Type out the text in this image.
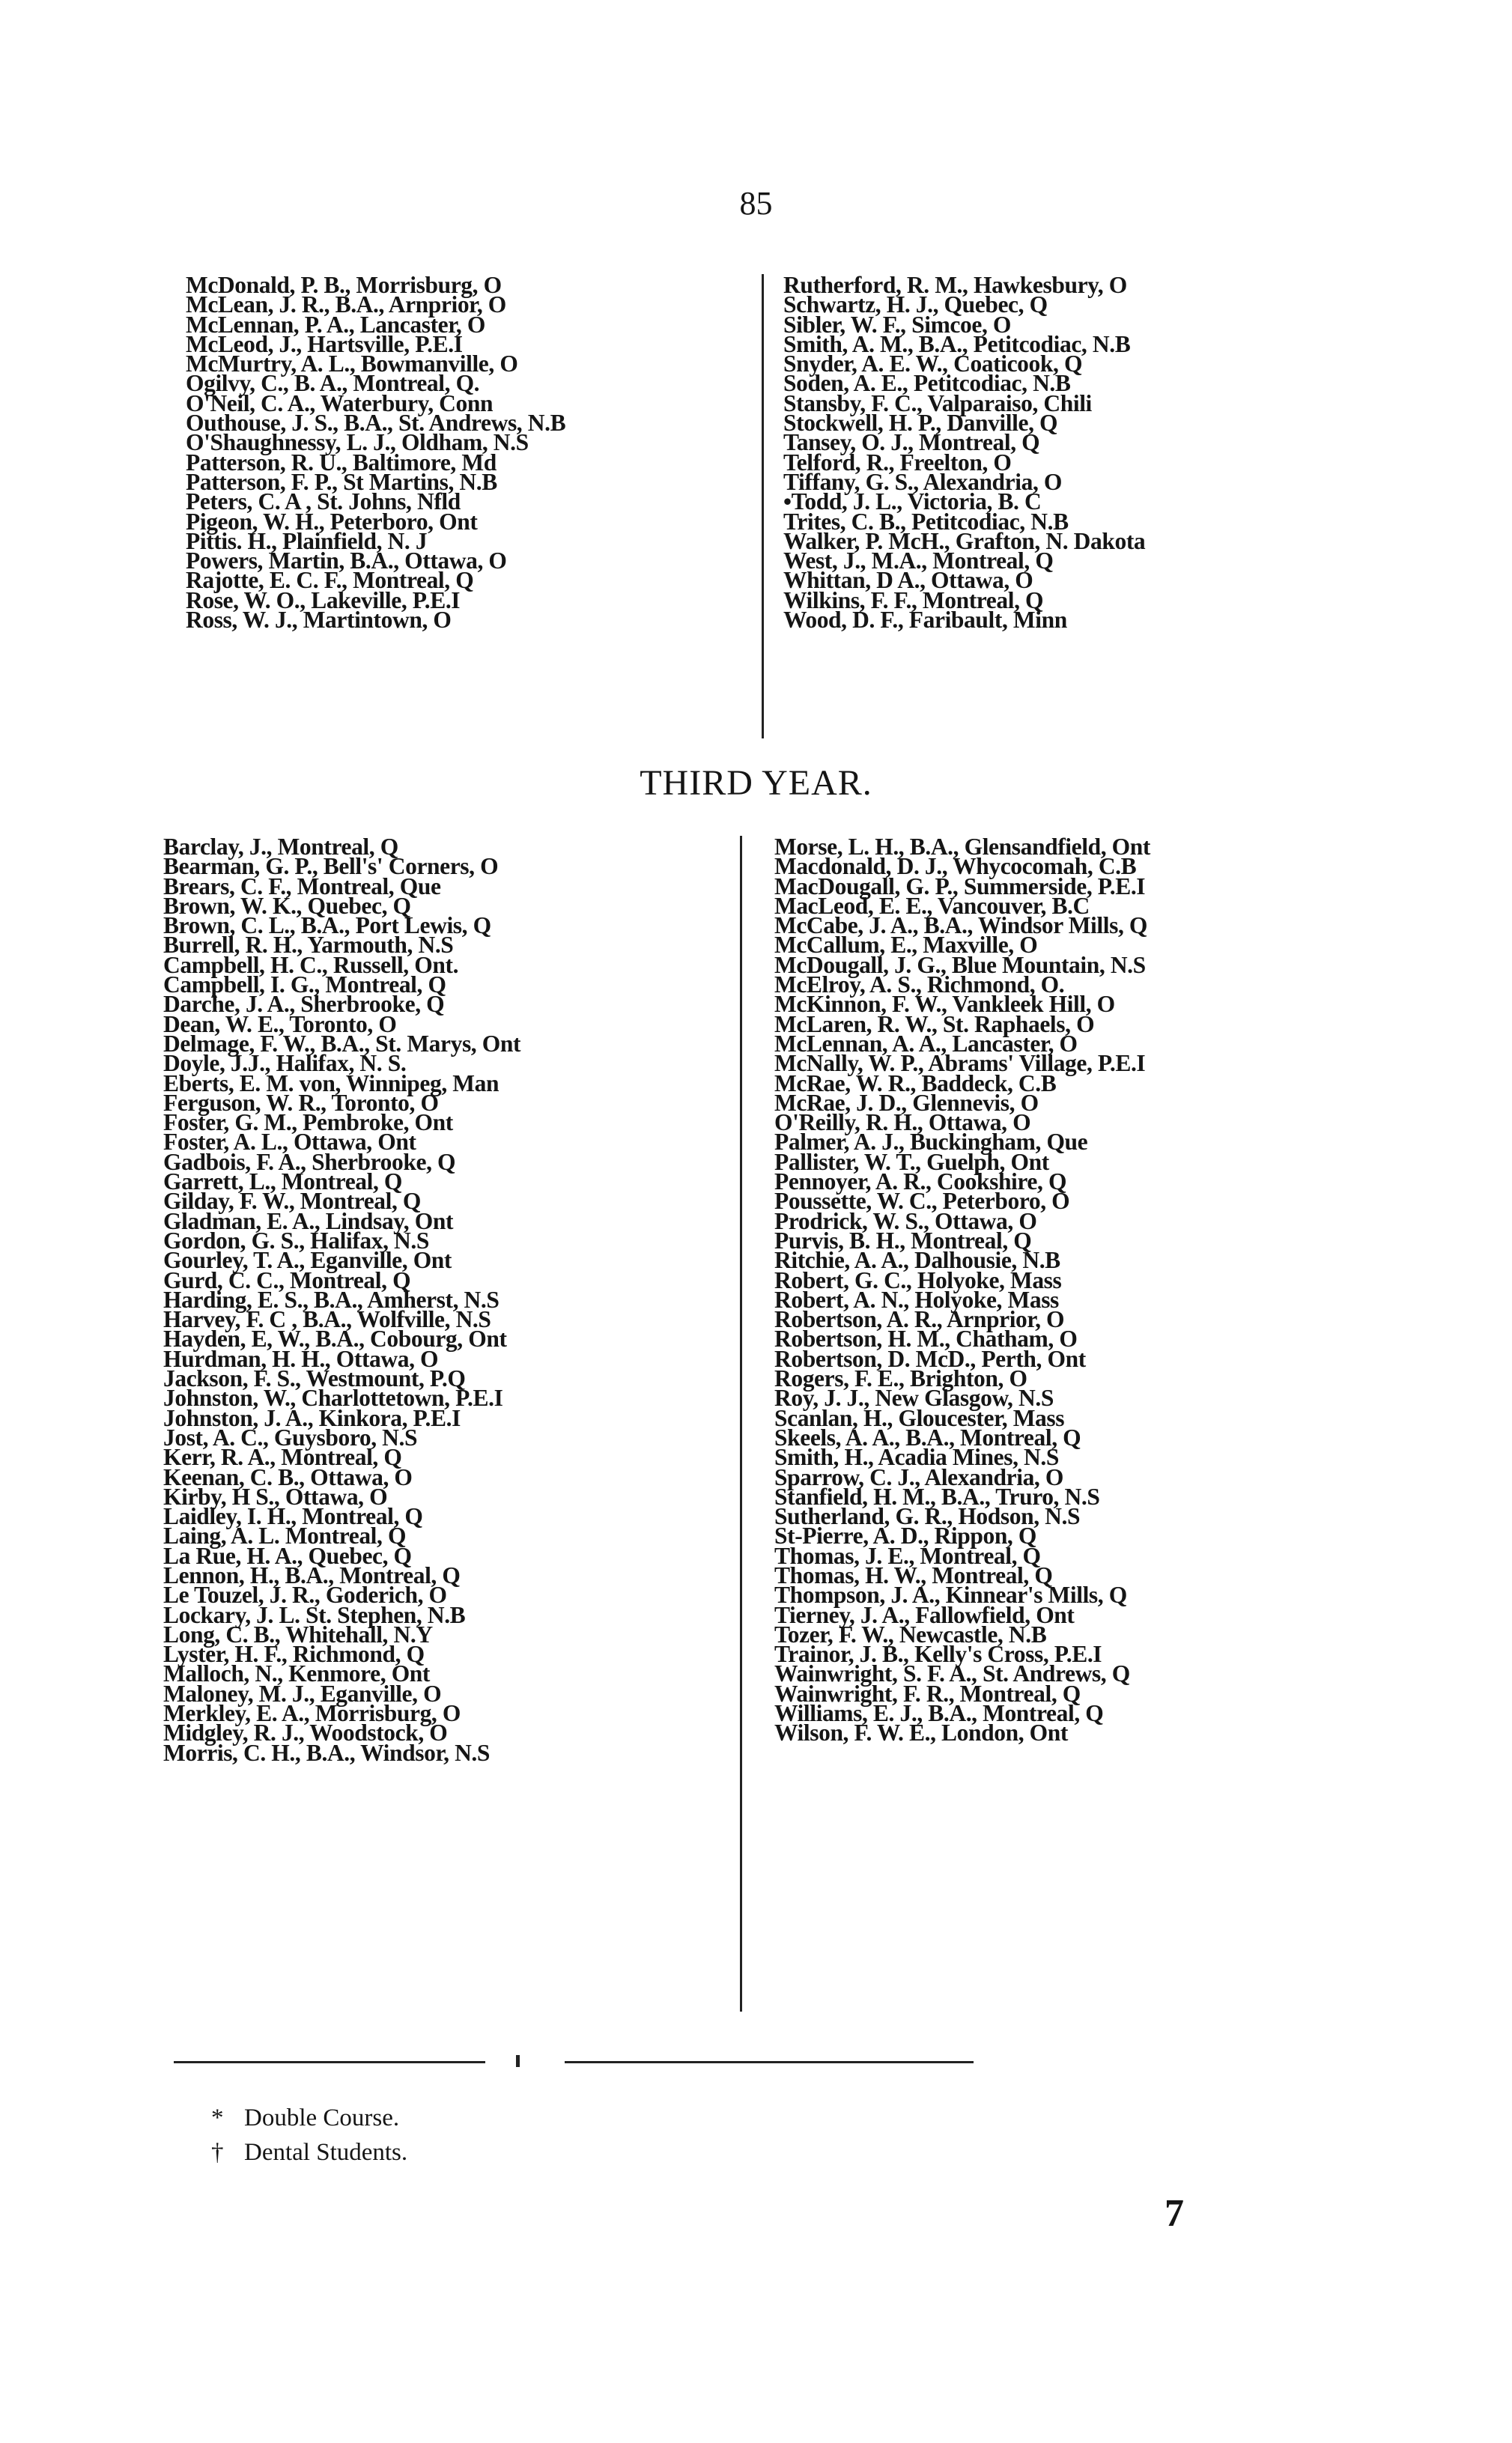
85
McDonald, P. B., Morrisburg, O
McLean, J. R., B.A., Arnprior, O
McLennan, P. A., Lancaster, O
McLeod, J., Hartsville, P.E.I
McMurtry, A. L., Bowmanville, O
Ogilvy, C., B. A., Montreal, Q.
O'Neil, C. A., Waterbury, Conn
Outhouse, J. S., B.A., St. Andrews, N.B
O'Shaughnessy, L. J., Oldham, N.S
Patterson, R. U., Baltimore, Md
Patterson, F. P., St Martins, N.B
Peters, C. A , St. Johns, Nfld
Pigeon, W. H., Peterboro, Ont
Pittis. H., Plainfield, N. J
Powers, Martin, B.A., Ottawa, O
Rajotte, E. C. F., Montreal, Q
Rose, W. O., Lakeville, P.E.I
Ross, W. J., Martintown, O
Rutherford, R. M., Hawkesbury, O
Schwartz, H. J., Quebec, Q
Sibler, W. F., Simcoe, O
Smith, A. M., B.A., Petitcodiac, N.B
Snyder, A. E. W., Coaticook, Q
Soden, A. E., Petitcodiac, N.B
Stansby, F. C., Valparaiso, Chili
Stockwell, H. P., Danville, Q
Tansey, O. J., Montreal, Q
Telford, R., Freelton, O
Tiffany, G. S., Alexandria, O
•Todd, J. L., Victoria, B. C
Trites, C. B., Petitcodiac, N.B
Walker, P. McH., Grafton, N. Dakota
West, J., M.A., Montreal, Q
Whittan, D A., Ottawa, O
Wilkins, F. F., Montreal, Q
Wood, D. F., Faribault, Minn
THIRD YEAR.
Barclay, J., Montreal, Q
Bearman, G. P., Bell's' Corners, O
Brears, C. F., Montreal, Que
Brown, W. K., Quebec, Q
Brown, C. L., B.A., Port Lewis, Q
Burrell, R. H., Yarmouth, N.S
Campbell, H. C., Russell, Ont.
Campbell, I. G., Montreal, Q
Darche, J. A., Sherbrooke, Q
Dean, W. E., Toronto, O
Delmage, F. W., B.A., St. Marys, Ont
Doyle, J.J., Halifax, N. S.
Eberts, E. M. von, Winnipeg, Man
Ferguson, W. R., Toronto, O
Foster, G. M., Pembroke, Ont
Foster, A. L., Ottawa, Ont
Gadbois, F. A., Sherbrooke, Q
Garrett, L., Montreal, Q
Gilday, F. W., Montreal, Q
Gladman, E. A., Lindsay, Ont
Gordon, G. S., Halifax, N.S
Gourley, T. A., Eganville, Ont
Gurd, C. C., Montreal, Q
Harding, E. S., B.A., Amherst, N.S
Harvey, F. C , B.A., Wolfville, N.S
Hayden, E, W., B.A., Cobourg, Ont
Hurdman, H. H., Ottawa, O
Jackson, F. S., Westmount, P.Q
Johnston, W., Charlottetown, P.E.I
Johnston, J. A., Kinkora, P.E.I
Jost, A. C., Guysboro, N.S
Kerr, R. A., Montreal, Q
Keenan, C. B., Ottawa, O
Kirby, H S., Ottawa, O
Laidley, I. H., Montreal, Q
Laing, A. L. Montreal, Q
La Rue, H. A., Quebec, Q
Lennon, H., B.A., Montreal, Q
Le Touzel, J. R., Goderich, O
Lockary, J. L. St. Stephen, N.B
Long, C. B., Whitehall, N.Y
Lyster, H. F., Richmond, Q
Malloch, N., Kenmore, Ont
Maloney, M. J., Eganville, O
Merkley, E. A., Morrisburg, O
Midgley, R. J., Woodstock, O
Morris, C. H., B.A., Windsor, N.S
Morse, L. H., B.A., Glensandfield, Ont
Macdonald, D. J., Whycocomah, C.B
MacDougall, G. P., Summerside, P.E.I
MacLeod, E. E., Vancouver, B.C
McCabe, J. A., B.A., Windsor Mills, Q
McCallum, E., Maxville, O
McDougall, J. G., Blue Mountain, N.S
McElroy, A. S., Richmond, O.
McKinnon, F. W., Vankleek Hill, O
McLaren, R. W., St. Raphaels, O
McLennan, A. A., Lancaster, O
McNally, W. P., Abrams' Village, P.E.I
McRae, W. R., Baddeck, C.B
McRae, J. D., Glennevis, O
O'Reilly, R. H., Ottawa, O
Palmer, A. J., Buckingham, Que
Pallister, W. T., Guelph, Ont
Pennoyer, A. R., Cookshire, Q
Poussette, W. C., Peterboro, O
Prodrick, W. S., Ottawa, O
Purvis, B. H., Montreal, Q
Ritchie, A. A., Dalhousie, N.B
Robert, G. C., Holyoke, Mass
Robert, A. N., Holyoke, Mass
Robertson, A. R., Arnprior, O
Robertson, H. M., Chatham, O
Robertson, D. McD., Perth, Ont
Rogers, F. E., Brighton, O
Roy, J. J., New Glasgow, N.S
Scanlan, H., Gloucester, Mass
Skeels, A. A., B.A., Montreal, Q
Smith, H., Acadia Mines, N.S
Sparrow, C. J., Alexandria, O
Stanfield, H. M., B.A., Truro, N.S
Sutherland, G. R., Hodson, N.S
St-Pierre, A. D., Rippon, Q
Thomas, J. E., Montreal, Q
Thomas, H. W., Montreal, Q
Thompson, J. A., Kinnear's Mills, Q
Tierney, J. A., Fallowfield, Ont
Tozer, F. W., Newcastle, N.B
Trainor, J. B., Kelly's Cross, P.E.I
Wainwright, S. F. A., St. Andrews, Q
Wainwright, F. R., Montreal, Q
Williams, E. J., B.A., Montreal, Q
Wilson, F. W. E., London, Ont
* Double Course.
† Dental Students.
7
